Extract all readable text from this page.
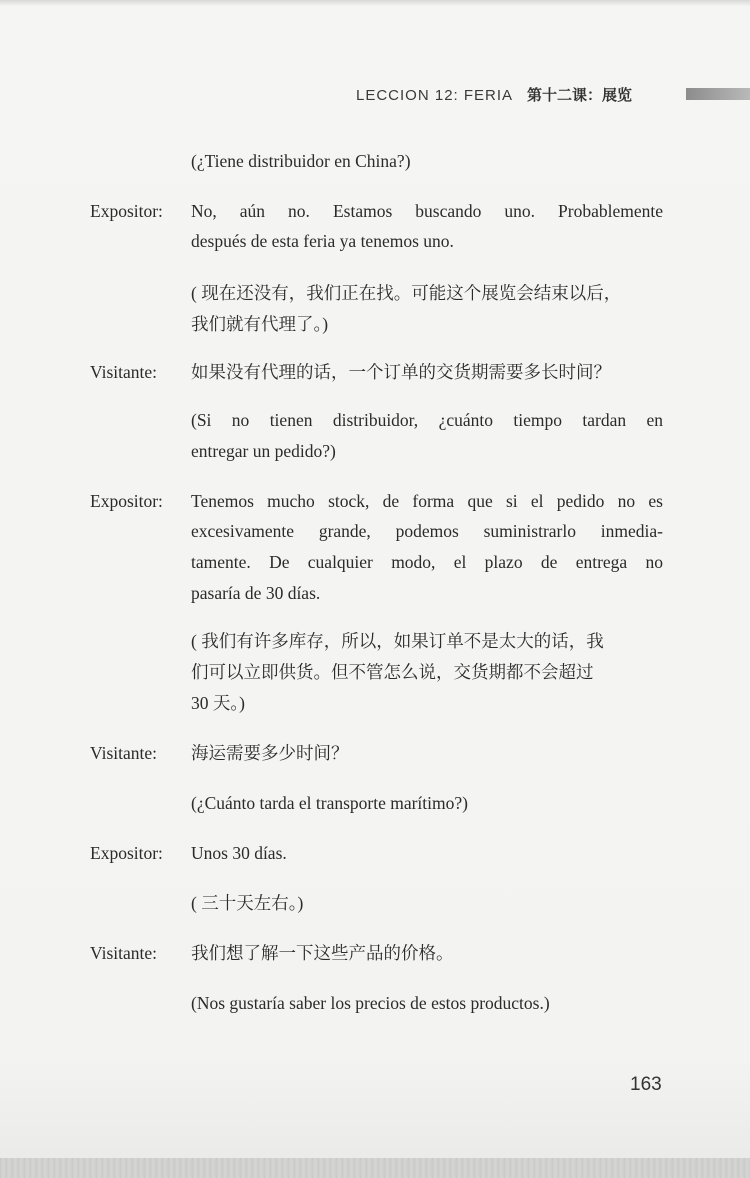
LECCION 12: FERIA 第十二课：展览
(¿Tiene distribuidor en China?)
Expositor:	No, aún no. Estamos buscando uno. Probablemente
después de esta feria ya tenemos uno.
( 现在还没有，我们正在找。可能这个展览会结束以后，
我们就有代理了。)
Visitante:	如果没有代理的话，一个订单的交货期需要多长时间？
(Si no tienen distribuidor, ¿cuánto tiempo tardan en
entregar un pedido?)
Expositor:	Tenemos mucho stock, de forma que si el pedido no es
excesivamente grande, podemos suministrarlo inmedia-
tamente. De cualquier modo, el plazo de entrega no
pasaría de 30 días.
( 我们有许多库存，所以，如果订单不是太大的话，我
们可以立即供货。但不管怎么说，交货期都不会超过
30 天。)
Visitante:	海运需要多少时间？
(¿Cuánto tarda el transporte marítimo?)
Expositor:	Unos 30 días.
( 三十天左右。)
Visitante:	我们想了解一下这些产品的价格。
(Nos gustaría saber los precios de estos productos.)
163
